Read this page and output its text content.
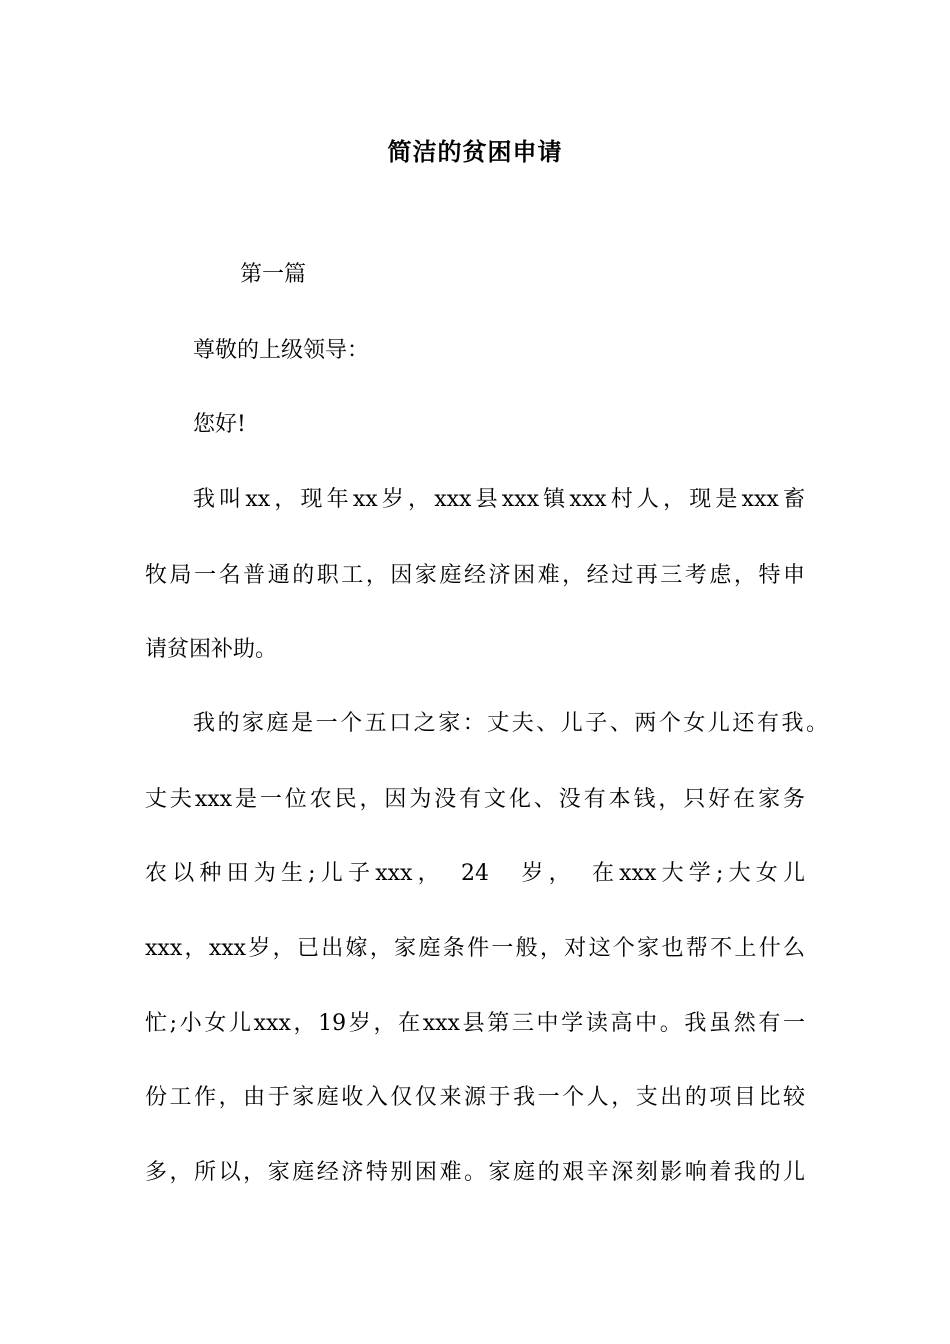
简洁的贫困申请
第一篇
尊敬的上级领导：
您好!
我叫xx，现年xx岁，xxx县xxx镇xxx村人，现是xxx畜
牧局一名普通的职工，因家庭经济困难，经过再三考虑，特申
请贫困补助。
我的家庭是一个五口之家：丈夫、儿子、两个女儿还有我。
丈夫xxx是一位农民，因为没有文化、没有本钱，只好在家务
农以种田为生;儿子xxx，　24　岁，　在xxx大学;大女儿
xxx，xxx岁，已出嫁，家庭条件一般，对这个家也帮不上什么
忙;小女儿xxx，19岁，在xxx县第三中学读高中。我虽然有一
份工作，由于家庭收入仅仅来源于我一个人，支出的项目比较
多，所以，家庭经济特别困难。家庭的艰辛深刻影响着我的儿
